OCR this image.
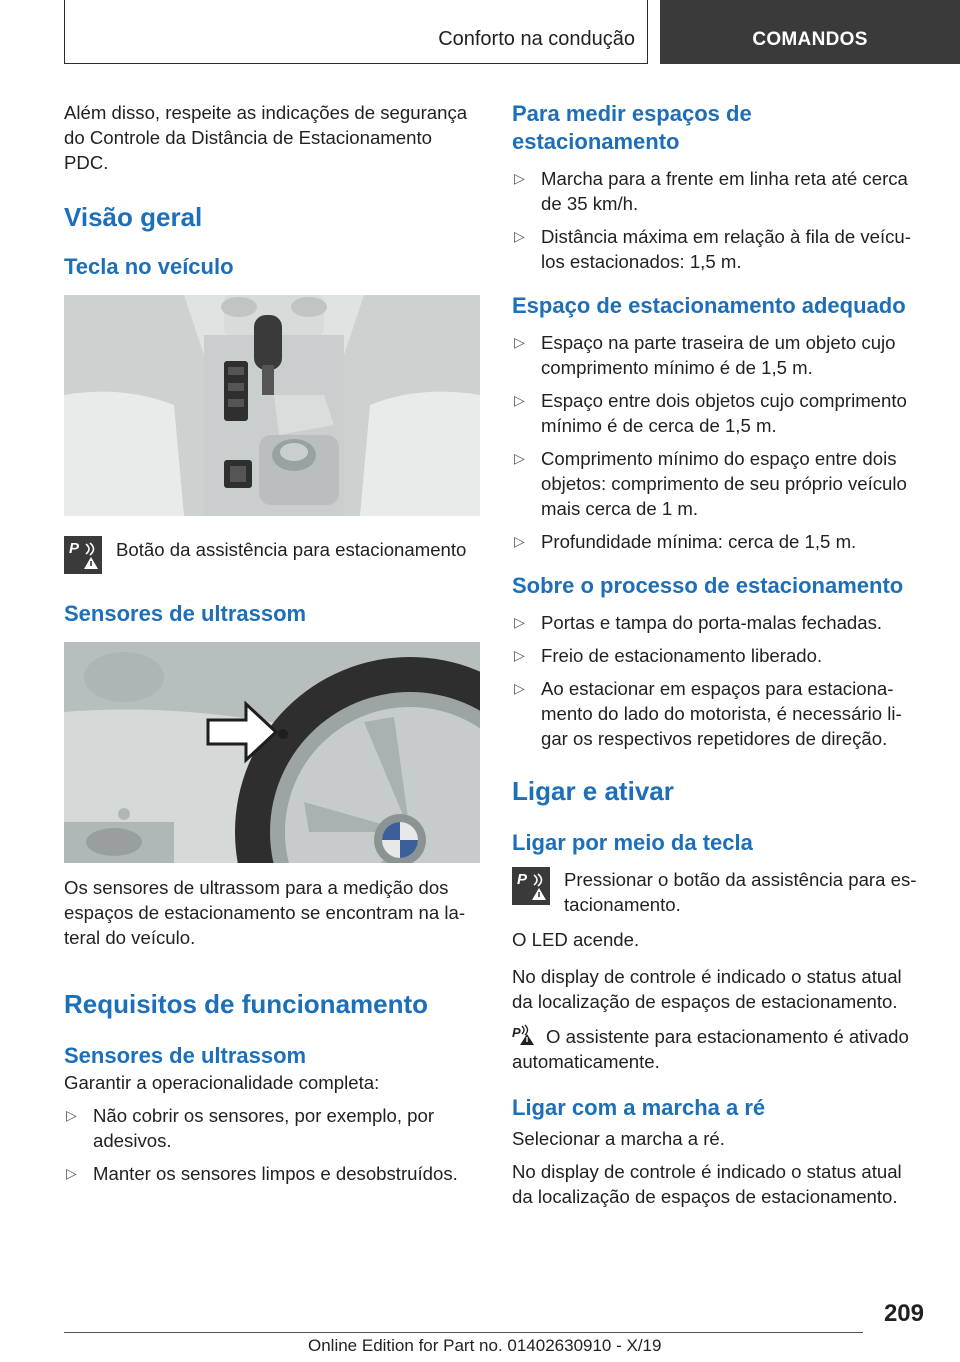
Conforto na condução	COMANDOS

Além disso, respeite as indicações de segurança do Controle da Distância de Estacionamento PDC.

Visão geral
Tecla no veículo
P Botão da assistência para estacionamento

Sensores de ultrassom

Os sensores de ultrassom para a medição dos espaços de estacionamento se encontram na la-teral do veículo.

Requisitos de funcionamento
Sensores de ultrassom

Garantir a operacionalidade completa:

▷ Não cobrir os sensores, por exemplo, por adesivos.
▷ Manter os sensores limpos e desobstruídos.
Para medir espaços de estacionamento
▷ Marcha para a frente em linha reta até cerca de 35 km/h.
▷ Distância máxima em relação à fila de veícu-los estacionados: 1,5 m.
Espaço de estacionamento adequado
▷ Espaço na parte traseira de um objeto cujo comprimento mínimo é de 1,5 m.
▷ Espaço entre dois objetos cujo comprimento mínimo é de cerca de 1,5 m.
▷ Comprimento mínimo do espaço entre dois objetos: comprimento de seu próprio veículo mais cerca de 1 m.
▷ Profundidade mínima: cerca de 1,5 m.
Sobre o processo de estacionamento
▷ Portas e tampa do porta-malas fechadas.
▷ Freio de estacionamento liberado.
▷ Ao estacionar em espaços para estaciona-mento do lado do motorista, é necessário li-gar os respectivos repetidores de direção.
Ligar e ativar
Ligar por meio da tecla
P Pressionar o botão da assistência para es-tacionamento.

O LED acende.

No display de controle é indicado o status atual da localização de espaços de estacionamento.

P O assistente para estacionamento é ativado automaticamente.

Ligar com a marcha a ré

Selecionar a marcha a ré.

No display de controle é indicado o status atual da localização de espaços de estacionamento.

209
Online Edition for Part no. 01402630910 - X/19
